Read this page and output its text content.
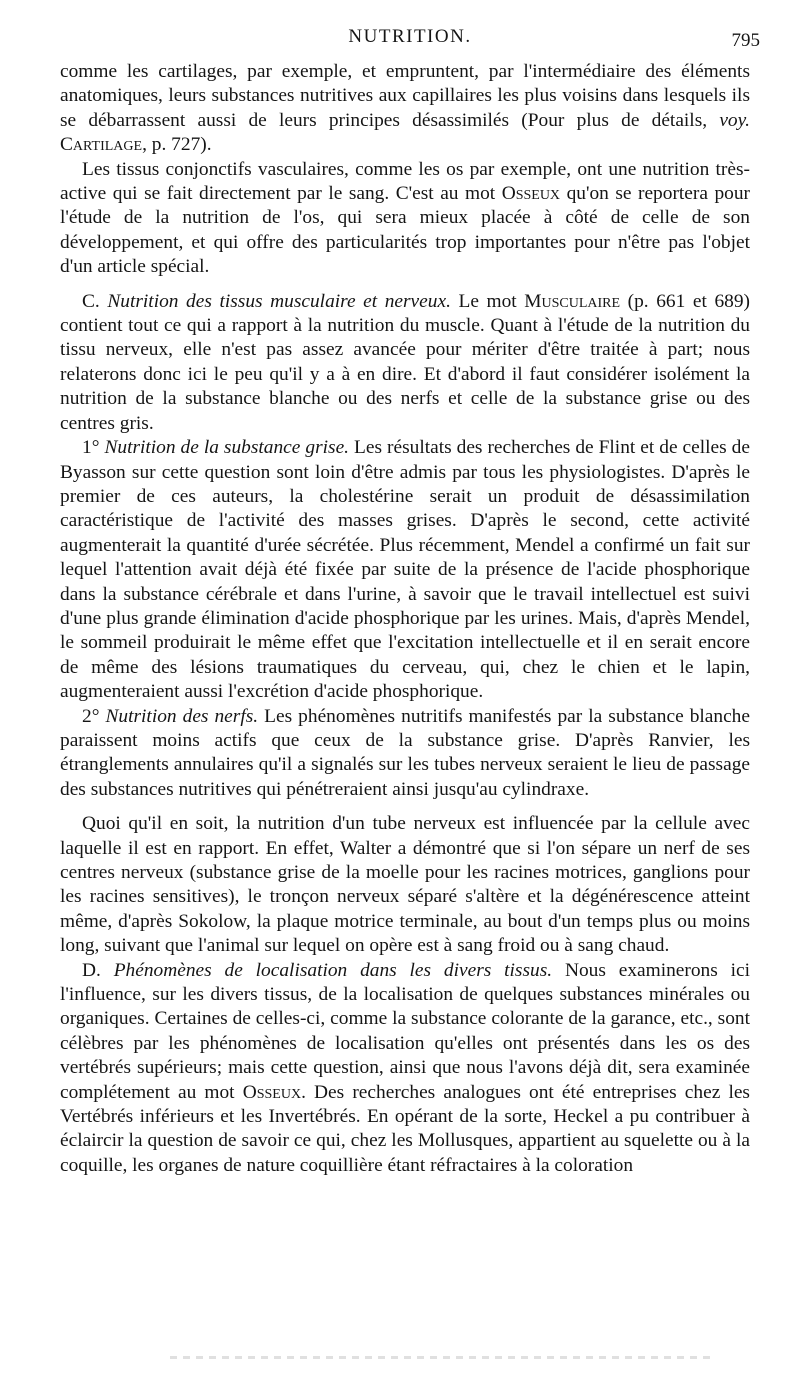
NUTRITION.	795

comme les cartilages, par exemple, et empruntent, par l'intermédiaire des éléments anatomiques, leurs substances nutritives aux capillaires les plus voisins dans lesquels ils se débarrassent aussi de leurs principes désassimilés (Pour plus de détails, voy. Cartilage, p. 727).

Les tissus conjonctifs vasculaires, comme les os par exemple, ont une nutrition très-active qui se fait directement par le sang. C'est au mot Osseux qu'on se reportera pour l'étude de la nutrition de l'os, qui sera mieux placée à côté de celle de son développement, et qui offre des particularités trop importantes pour n'être pas l'objet d'un article spécial.

C. Nutrition des tissus musculaire et nerveux. Le mot Musculaire (p. 661 et 689) contient tout ce qui a rapport à la nutrition du muscle. Quant à l'étude de la nutrition du tissu nerveux, elle n'est pas assez avancée pour mériter d'être traitée à part; nous relaterons donc ici le peu qu'il y a à en dire. Et d'abord il faut considérer isolément la nutrition de la substance blanche ou des nerfs et celle de la substance grise ou des centres gris.

1° Nutrition de la substance grise. Les résultats des recherches de Flint et de celles de Byasson sur cette question sont loin d'être admis par tous les physiologistes. D'après le premier de ces auteurs, la cholestérine serait un produit de désassimilation caractéristique de l'activité des masses grises. D'après le second, cette activité augmenterait la quantité d'urée sécrétée. Plus récemment, Mendel a confirmé un fait sur lequel l'attention avait déjà été fixée par suite de la présence de l'acide phosphorique dans la substance cérébrale et dans l'urine, à savoir que le travail intellectuel est suivi d'une plus grande élimination d'acide phosphorique par les urines. Mais, d'après Mendel, le sommeil produirait le même effet que l'excitation intellectuelle et il en serait encore de même des lésions traumatiques du cerveau, qui, chez le chien et le lapin, augmenteraient aussi l'excrétion d'acide phosphorique.

2° Nutrition des nerfs. Les phénomènes nutritifs manifestés par la substance blanche paraissent moins actifs que ceux de la substance grise. D'après Ranvier, les étranglements annulaires qu'il a signalés sur les tubes nerveux seraient le lieu de passage des substances nutritives qui pénétreraient ainsi jusqu'au cylindraxe.

Quoi qu'il en soit, la nutrition d'un tube nerveux est influencée par la cellule avec laquelle il est en rapport. En effet, Walter a démontré que si l'on sépare un nerf de ses centres nerveux (substance grise de la moelle pour les racines motrices, ganglions pour les racines sensitives), le tronçon nerveux séparé s'altère et la dégénérescence atteint même, d'après Sokolow, la plaque motrice terminale, au bout d'un temps plus ou moins long, suivant que l'animal sur lequel on opère est à sang froid ou à sang chaud.

D. Phénomènes de localisation dans les divers tissus. Nous examinerons ici l'influence, sur les divers tissus, de la localisation de quelques substances minérales ou organiques. Certaines de celles-ci, comme la substance colorante de la garance, etc., sont célèbres par les phénomènes de localisation qu'elles ont présentés dans les os des vertébrés supérieurs; mais cette question, ainsi que nous l'avons déjà dit, sera examinée complétement au mot Osseux. Des recherches analogues ont été entreprises chez les Vertébrés inférieurs et les Invertébrés. En opérant de la sorte, Heckel a pu contribuer à éclaircir la question de savoir ce qui, chez les Mollusques, appartient au squelette ou à la coquille, les organes de nature coquillière étant réfractaires à la coloration
